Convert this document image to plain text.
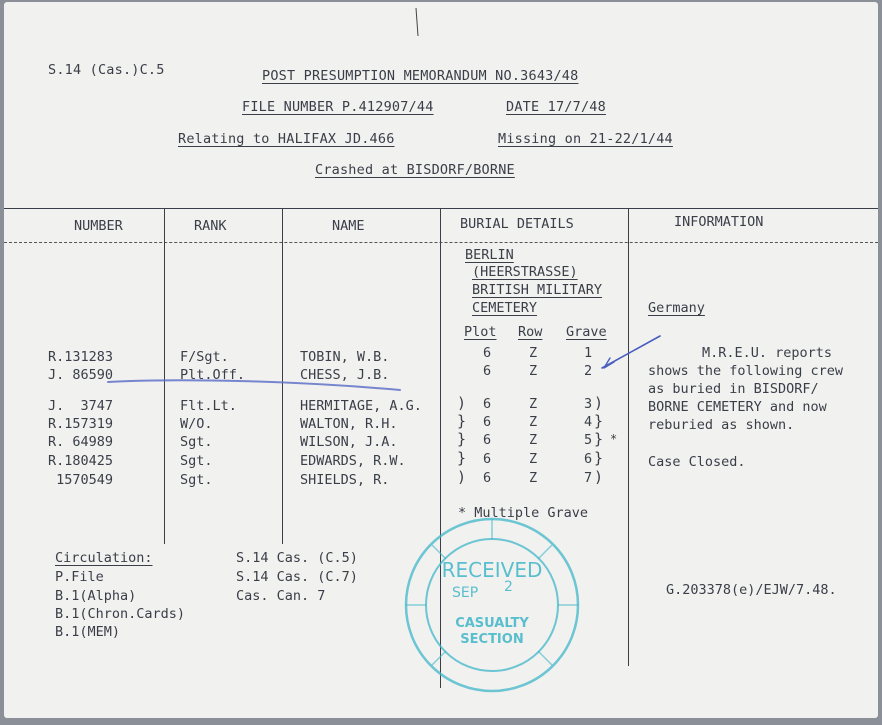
S.14 (Cas.)C.5	POST PRESUMPTION MEMORANDUM NO.3643/48
FILE NUMBER P.412907/44	DATE 17/7/48
Relating to HALIFAX JD.466	Missing on 21-22/1/44
Crashed at BISDORF/BORNE
NUMBER	RANK	NAME	BURIAL DETAILS	INFORMATION
BERLIN
(HEERSTRASSE)
BRITISH MILITARY
CEMETERY
Plot Row Grave
R.131283	F/Sgt.	TOBIN, W.B.	6	Z	1
J. 86590	Plt.Off.	CHESS, J.B.	6	Z	2
J.  3747	Flt.Lt.	HERMITAGE, A.G. ) 6	Z	3 )
R.157319	W/O.	WALTON, R.H.	} 6	Z	4 }
R. 64989	Sgt.	WILSON, J.A.	} 6	Z	5 } *
R.180425	Sgt.	EDWARDS, R.W.	} 6	Z	6 }
1570549	Sgt.	SHIELDS, R.	) 6	Z	7 )
* Multiple Grave
Germany
M.R.E.U. reports
shows the following crew
as buried in BISDORF/
BORNE CEMETERY and now
reburied as shown.
Case Closed.
Circulation:
P.File
B.1(Alpha)
B.1(Chron.Cards)
B.1(MEM)
S.14 Cas. (C.5)
S.14 Cas. (C.7)
Cas. Can. 7	G.203378(e)/EJW/7.48.
RECEIVED
SEP 2
CASUALTY
SECTION
